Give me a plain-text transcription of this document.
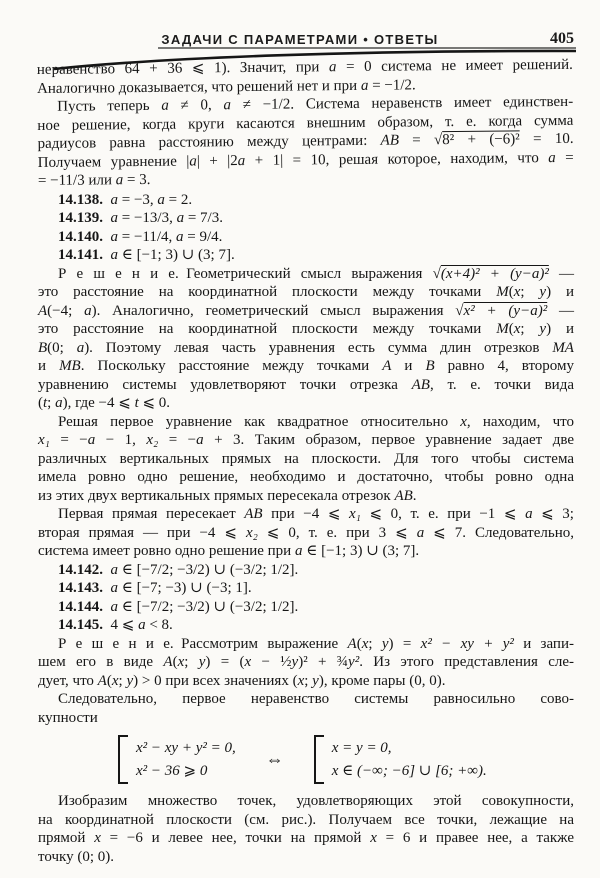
ЗАДАЧИ С ПАРАМЕТРАМИ • ОТВЕТЫ	405
неравенство 64 + 36 ⩽ 1). Значит, при a = 0 система не имеет решений.
Аналогично доказывается, что решений нет и при a = −1/2.
Пусть теперь a ≠ 0, a ≠ −1/2. Система неравенств имеет единствен-
ное решение, когда круги касаются внешним образом, т. е. когда сумма
радиусов равна расстоянию между центрами: AB = √8² + (−6)² = 10.
Получаем уравнение |a| + |2a + 1| = 10, решая которое, находим, что a =
= −11/3 или a = 3.
14.138.  a = −3, a = 2.
14.139.  a = −13/3, a = 7/3.
14.140.  a = −11/4, a = 9/4.
14.141.  a ∈ [−1; 3) ∪ (3; 7].
Р е ш е н и е. Геометрический смысл выражения √(x+4)² + (y−a)² —
это расстояние на координатной плоскости между точками M(x; y) и
A(−4; a). Аналогично, геометрический смысл выражения √x² + (y−a)² —
это расстояние на координатной плоскости между точками M(x; y) и
B(0; a). Поэтому левая часть уравнения есть сумма длин отрезков MA
и MB. Поскольку расстояние между точками A и B равно 4, второму
уравнению системы удовлетворяют точки отрезка AB, т. е. точки вида
(t; a), где −4 ⩽ t ⩽ 0.
Решая первое уравнение как квадратное относительно x, находим, что
x₁ = −a − 1, x₂ = −a + 3. Таким образом, первое уравнение задает две
различных вертикальных прямых на плоскости. Для того чтобы система
имела ровно одно решение, необходимо и достаточно, чтобы ровно одна
из этих двух вертикальных прямых пересекала отрезок AB.
Первая прямая пересекает AB при −4 ⩽ x₁ ⩽ 0, т. е. при −1 ⩽ a ⩽ 3;
вторая прямая — при −4 ⩽ x₂ ⩽ 0, т. е. при 3 ⩽ a ⩽ 7. Следовательно,
система имеет ровно одно решение при a ∈ [−1; 3) ∪ (3; 7].
14.142.  a ∈ [−7/2; −3/2) ∪ (−3/2; 1/2].
14.143.  a ∈ [−7; −3) ∪ (−3; 1].
14.144.  a ∈ [−7/2; −3/2) ∪ (−3/2; 1/2].
14.145. 4 ⩽ a < 8.
Р е ш е н и е. Рассмотрим выражение A(x; y) = x² − xy + y² и запи-
шем его в виде A(x; y) = (x − ½y)² + ¾y². Из этого представления сле-
дует, что A(x; y) > 0 при всех значениях (x; y), кроме пары (0, 0).
Следовательно, первое неравенство системы равносильно сово-
купности
x² − xy + y² = 0,
x² − 36 ⩾ 0
⇔
x = y = 0,
x ∈ (−∞; −6] ∪ [6; +∞).
Изобразим множество точек, удовлетворяющих этой совокупности,
на координатной плоскости (см. рис.). Получаем все точки, лежащие на
прямой x = −6 и левее нее, точки на прямой x = 6 и правее нее, а также
точку (0; 0).
